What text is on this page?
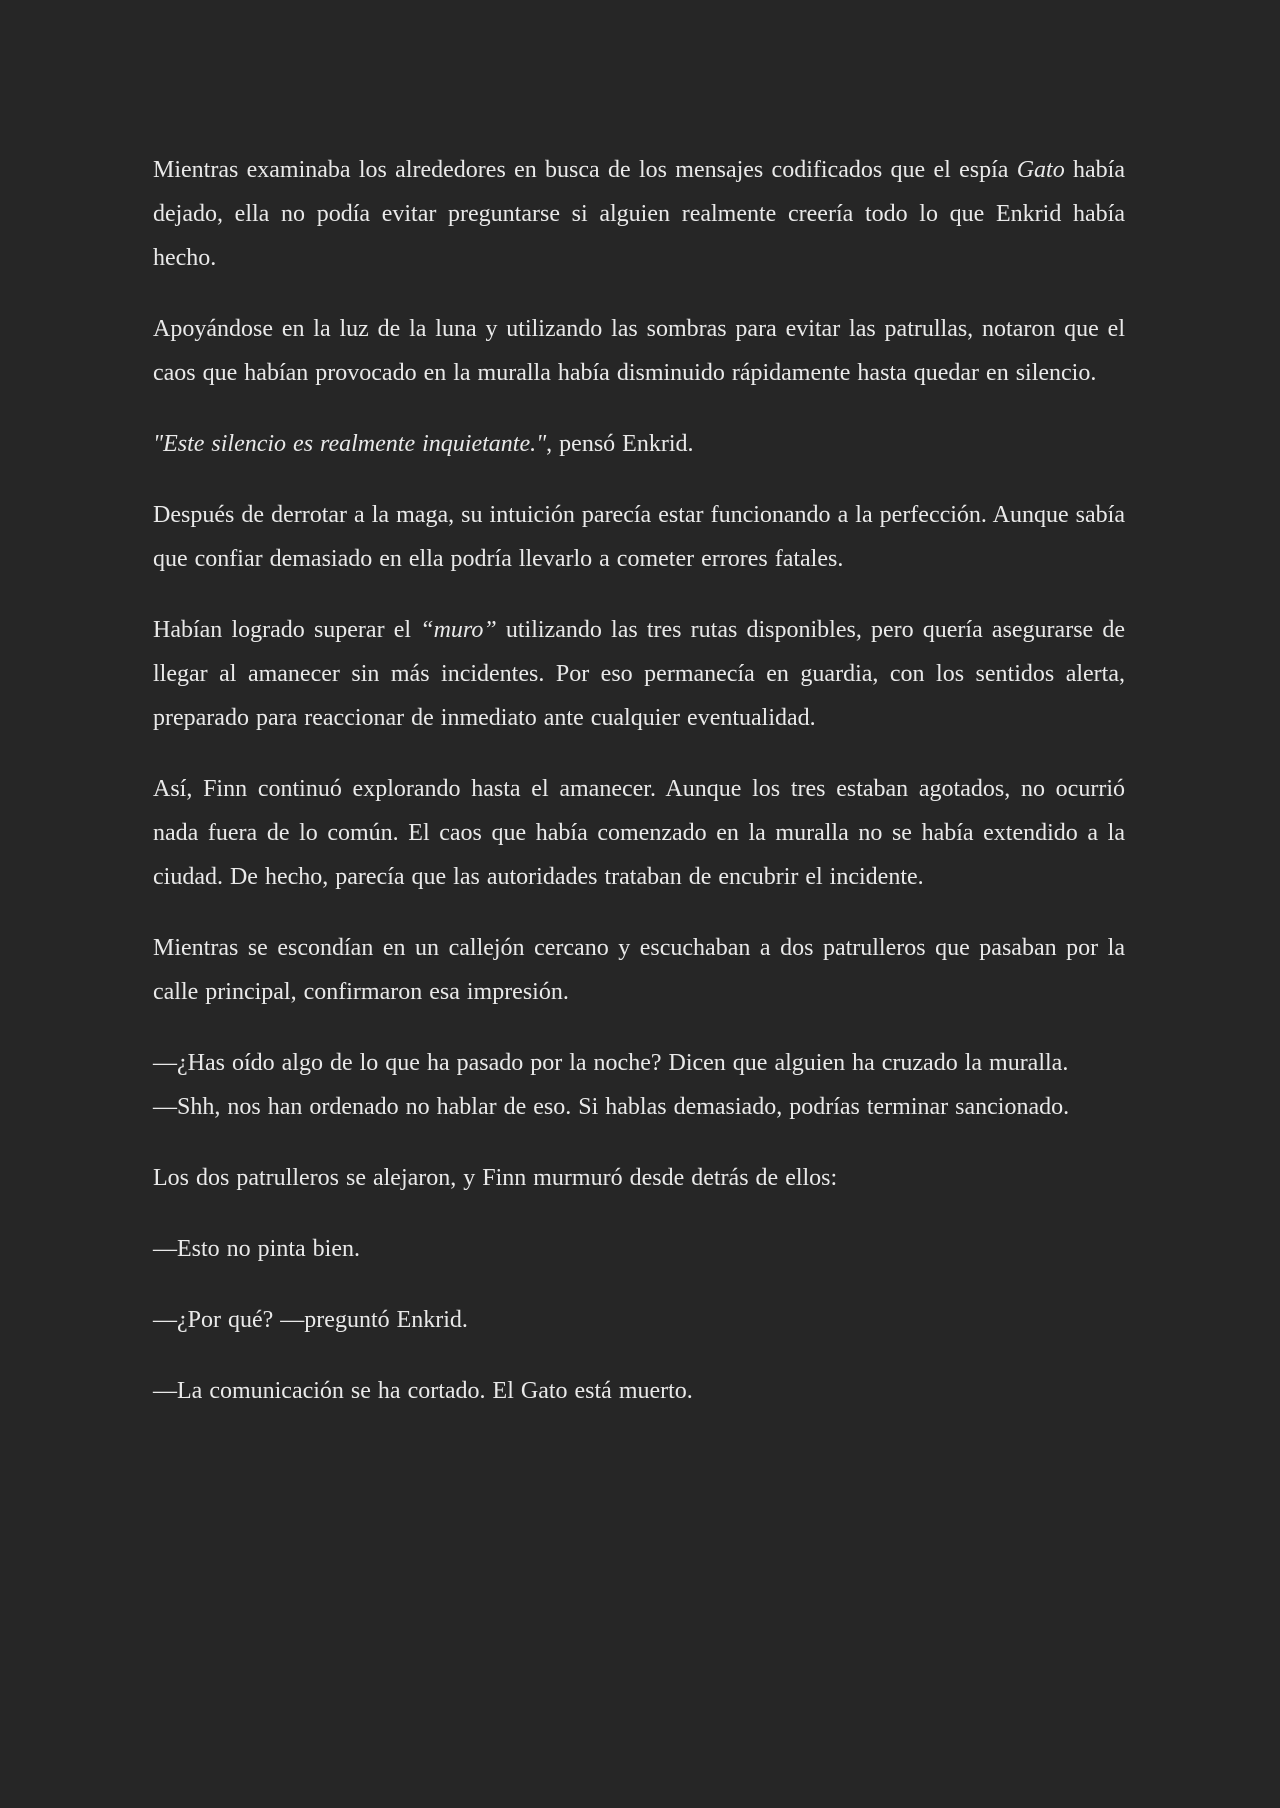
Mientras examinaba los alrededores en busca de los mensajes codificados que el espía Gato había dejado, ella no podía evitar preguntarse si alguien realmente creería todo lo que Enkrid había hecho.

Apoyándose en la luz de la luna y utilizando las sombras para evitar las patrullas, notaron que el caos que habían provocado en la muralla había disminuido rápidamente hasta quedar en silencio.

"Este silencio es realmente inquietante.", pensó Enkrid.

Después de derrotar a la maga, su intuición parecía estar funcionando a la perfección. Aunque sabía que confiar demasiado en ella podría llevarlo a cometer errores fatales.

Habían logrado superar el “muro” utilizando las tres rutas disponibles, pero quería asegurarse de llegar al amanecer sin más incidentes. Por eso permanecía en guardia, con los sentidos alerta, preparado para reaccionar de inmediato ante cualquier eventualidad.

Así, Finn continuó explorando hasta el amanecer. Aunque los tres estaban agotados, no ocurrió nada fuera de lo común. El caos que había comenzado en la muralla no se había extendido a la ciudad. De hecho, parecía que las autoridades trataban de encubrir el incidente.

Mientras se escondían en un callejón cercano y escuchaban a dos patrulleros que pasaban por la calle principal, confirmaron esa impresión.

—¿Has oído algo de lo que ha pasado por la noche? Dicen que alguien ha cruzado la muralla.
—Shh, nos han ordenado no hablar de eso. Si hablas demasiado, podrías terminar sancionado.

Los dos patrulleros se alejaron, y Finn murmuró desde detrás de ellos:

—Esto no pinta bien.

—¿Por qué? —preguntó Enkrid.

—La comunicación se ha cortado. El Gato está muerto.
